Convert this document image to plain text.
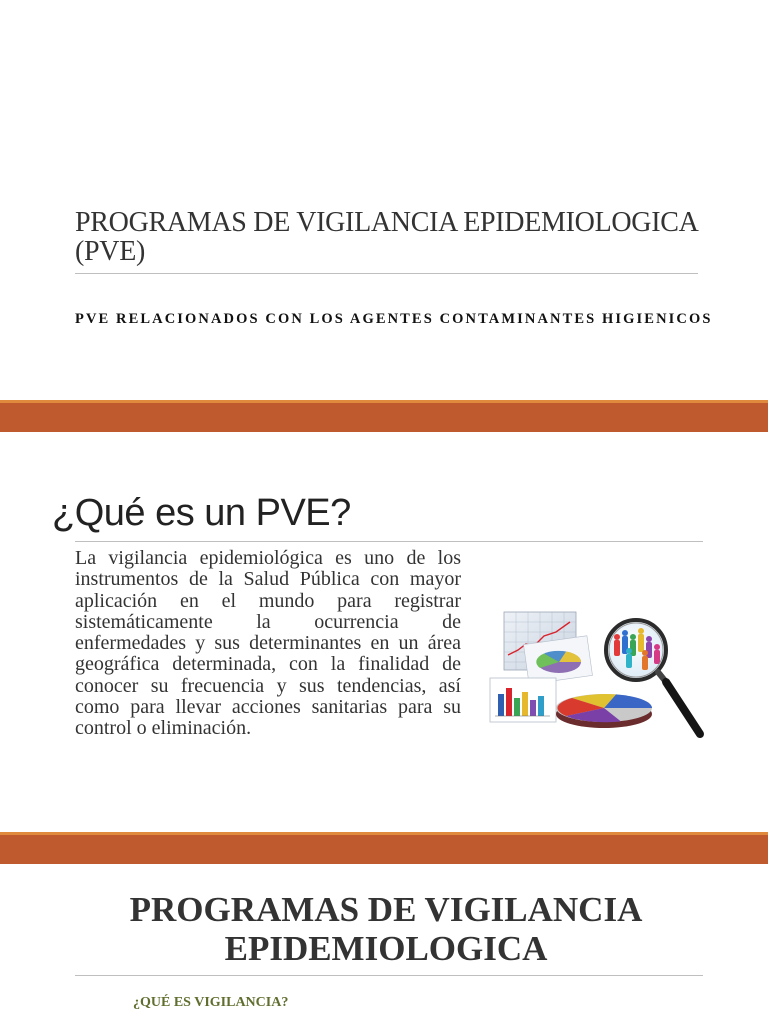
PROGRAMAS DE VIGILANCIA EPIDEMIOLOGICA (PVE)
PVE RELACIONADOS CON LOS AGENTES CONTAMINANTES HIGIENICOS
¿Qué es un PVE?
La vigilancia epidemiológica es uno de los instrumentos de la Salud Pública con mayor aplicación en el mundo para registrar sistemáticamente la ocurrencia de enfermedades y sus determinantes en un área geográfica determinada, con la finalidad de conocer su frecuencia y sus tendencias, así como para llevar acciones sanitarias para su control o eliminación.
PROGRAMAS DE VIGILANCIA EPIDEMIOLOGICA
¿QUÉ ES VIGILANCIA?
